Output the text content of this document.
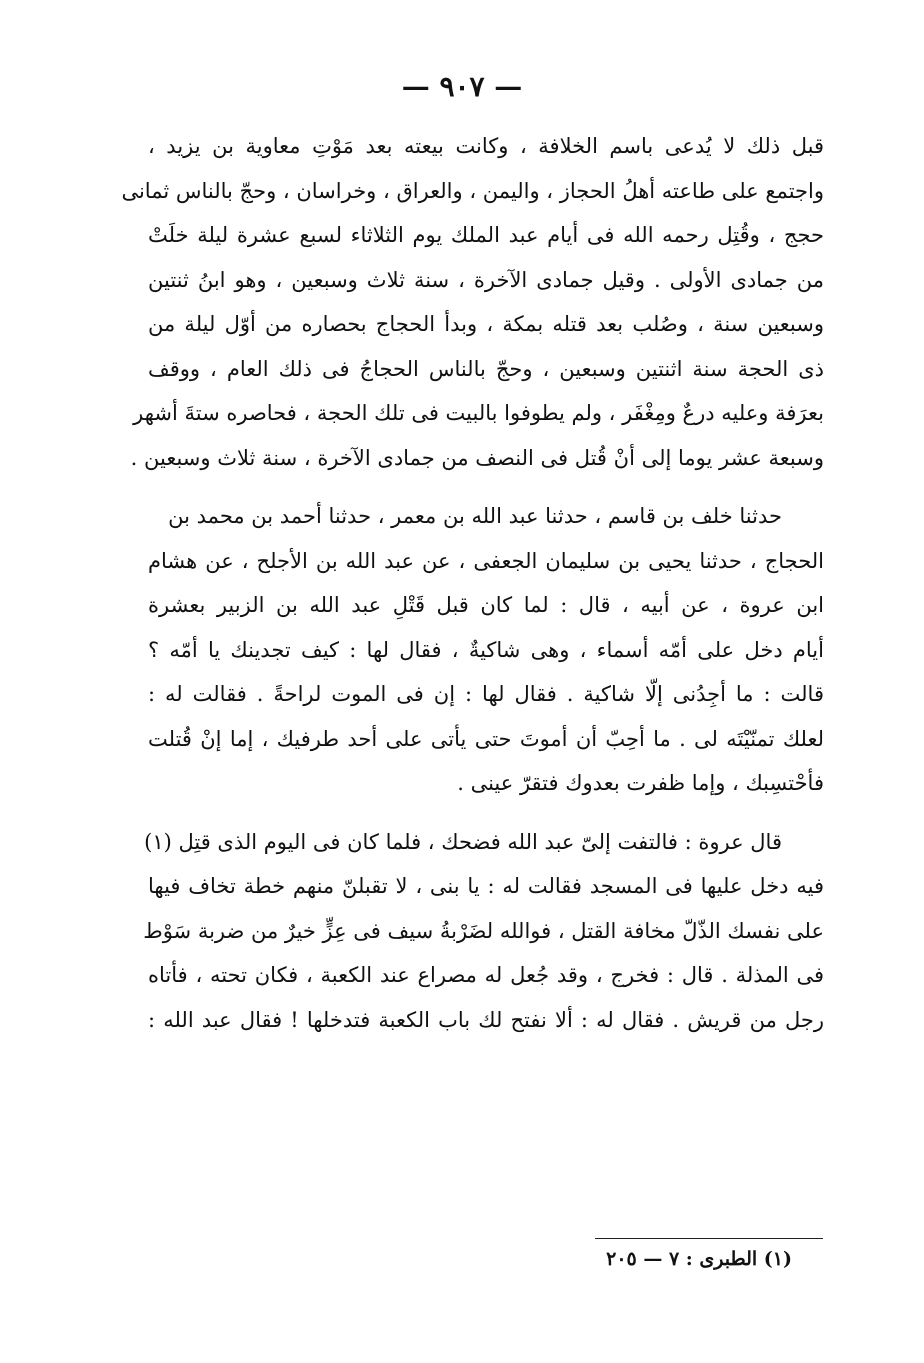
— ٩٠٧ —
قبل ذلك لا يُدعى باسم الخلافة ، وكانت بيعته بعد مَوْتِ معاوية بن يزيد ،
واجتمع على طاعته أهلُ الحجاز ، واليمن ، والعراق ، وخراسان ، وحجّ بالناس ثمانى
حجج ، وقُتِل رحمه الله فى أيام عبد الملك يوم الثلاثاء لسبع عشرة ليلة خلَتْ
من جمادى الأولى . وقيل جمادى الآخرة ، سنة ثلاث وسبعين ، وهو ابنُ ثنتين
وسبعين سنة ، وصُلب بعد قتله بمكة ، وبدأ الحجاج بحصاره من أوّل ليلة من
ذى الحجة سنة اثنتين وسبعين ، وحجّ بالناس الحجاجُ فى ذلك العام ، ووقف
بعرَفة وعليه درعٌ ومِغْفَر ، ولم يطوفوا بالبيت فى تلك الحجة ، فحاصره ستةَ أشهر
وسبعة عشر يوما إلى أنْ قُتل فى النصف من جمادى الآخرة ، سنة ثلاث وسبعين .
حدثنا خلف بن قاسم ، حدثنا عبد الله بن معمر ، حدثنا أحمد بن محمد بن
الحجاج ، حدثنا يحيى بن سليمان الجعفى ، عن عبد الله بن الأجلح ، عن هشام
ابن عروة ، عن أبيه ، قال : لما كان قبل قَتْلِ عبد الله بن الزبير بعشرة
أيام دخل على أمّه أسماء ، وهى شاكيةٌ ، فقال لها : كيف تجدينك يا أمّه ؟
قالت : ما أجِدُنى إلّا شاكية . فقال لها : إن فى الموت لراحةً . فقالت له :
لعلك تمنّيْتَه لى . ما أحِبّ أن أموتَ حتى يأتى على أحد طرفيك ، إما إنْ قُتلت
فأحْتسِبك ، وإما ظفرت بعدوك فتقرّ عينى .
قال عروة : فالتفت إلىّ عبد الله فضحك ، فلما كان فى اليوم الذى قتِل (١)
فيه دخل عليها فى المسجد فقالت له : يا بنى ، لا تقبلنّ منهم خطة تخاف فيها
على نفسك الذّلّ مخافة القتل ، فوالله لضَرْبةُ سيف فى عِزٍّ خيرٌ من ضربة سَوْط
فى المذلة . قال : فخرج ، وقد جُعل له مصراع عند الكعبة ، فكان تحته ، فأتاه
رجل من قريش . فقال له : ألا نفتح لك باب الكعبة فتدخلها ! فقال عبد الله :
(١) الطبرى : ٧ — ٢٠٥
